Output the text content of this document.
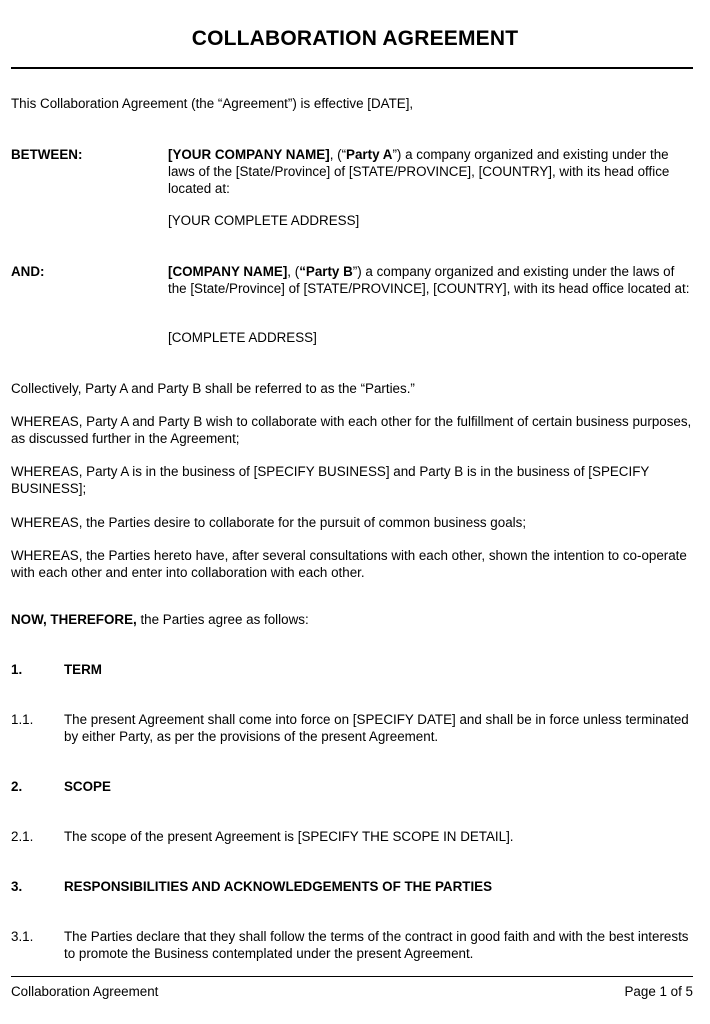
COLLABORATION AGREEMENT
This Collaboration Agreement (the “Agreement”) is effective [DATE],
BETWEEN:	[YOUR COMPANY NAME], (“Party A”) a company organized and existing under the laws of the [State/Province] of [STATE/PROVINCE], [COUNTRY], with its head office located at:
[YOUR COMPLETE ADDRESS]
AND:	[COMPANY NAME], (“Party B”) a company organized and existing under the laws of the [State/Province] of [STATE/PROVINCE], [COUNTRY], with its head office located at:
[COMPLETE ADDRESS]
Collectively, Party A and Party B shall be referred to as the “Parties.”
WHEREAS, Party A and Party B wish to collaborate with each other for the fulfillment of certain business purposes, as discussed further in the Agreement;
WHEREAS, Party A is in the business of [SPECIFY BUSINESS] and Party B is in the business of [SPECIFY BUSINESS];
WHEREAS, the Parties desire to collaborate for the pursuit of common business goals;
WHEREAS, the Parties hereto have, after several consultations with each other, shown the intention to co-operate with each other and enter into collaboration with each other.
NOW, THEREFORE, the Parties agree as follows:
1.	TERM
1.1. The present Agreement shall come into force on [SPECIFY DATE] and shall be in force unless terminated by either Party, as per the provisions of the present Agreement.
2.	SCOPE
2.1. The scope of the present Agreement is [SPECIFY THE SCOPE IN DETAIL].
3.	RESPONSIBILITIES AND ACKNOWLEDGEMENTS OF THE PARTIES
3.1. The Parties declare that they shall follow the terms of the contract in good faith and with the best interests to promote the Business contemplated under the present Agreement.
Collaboration Agreement	Page 1 of 5
